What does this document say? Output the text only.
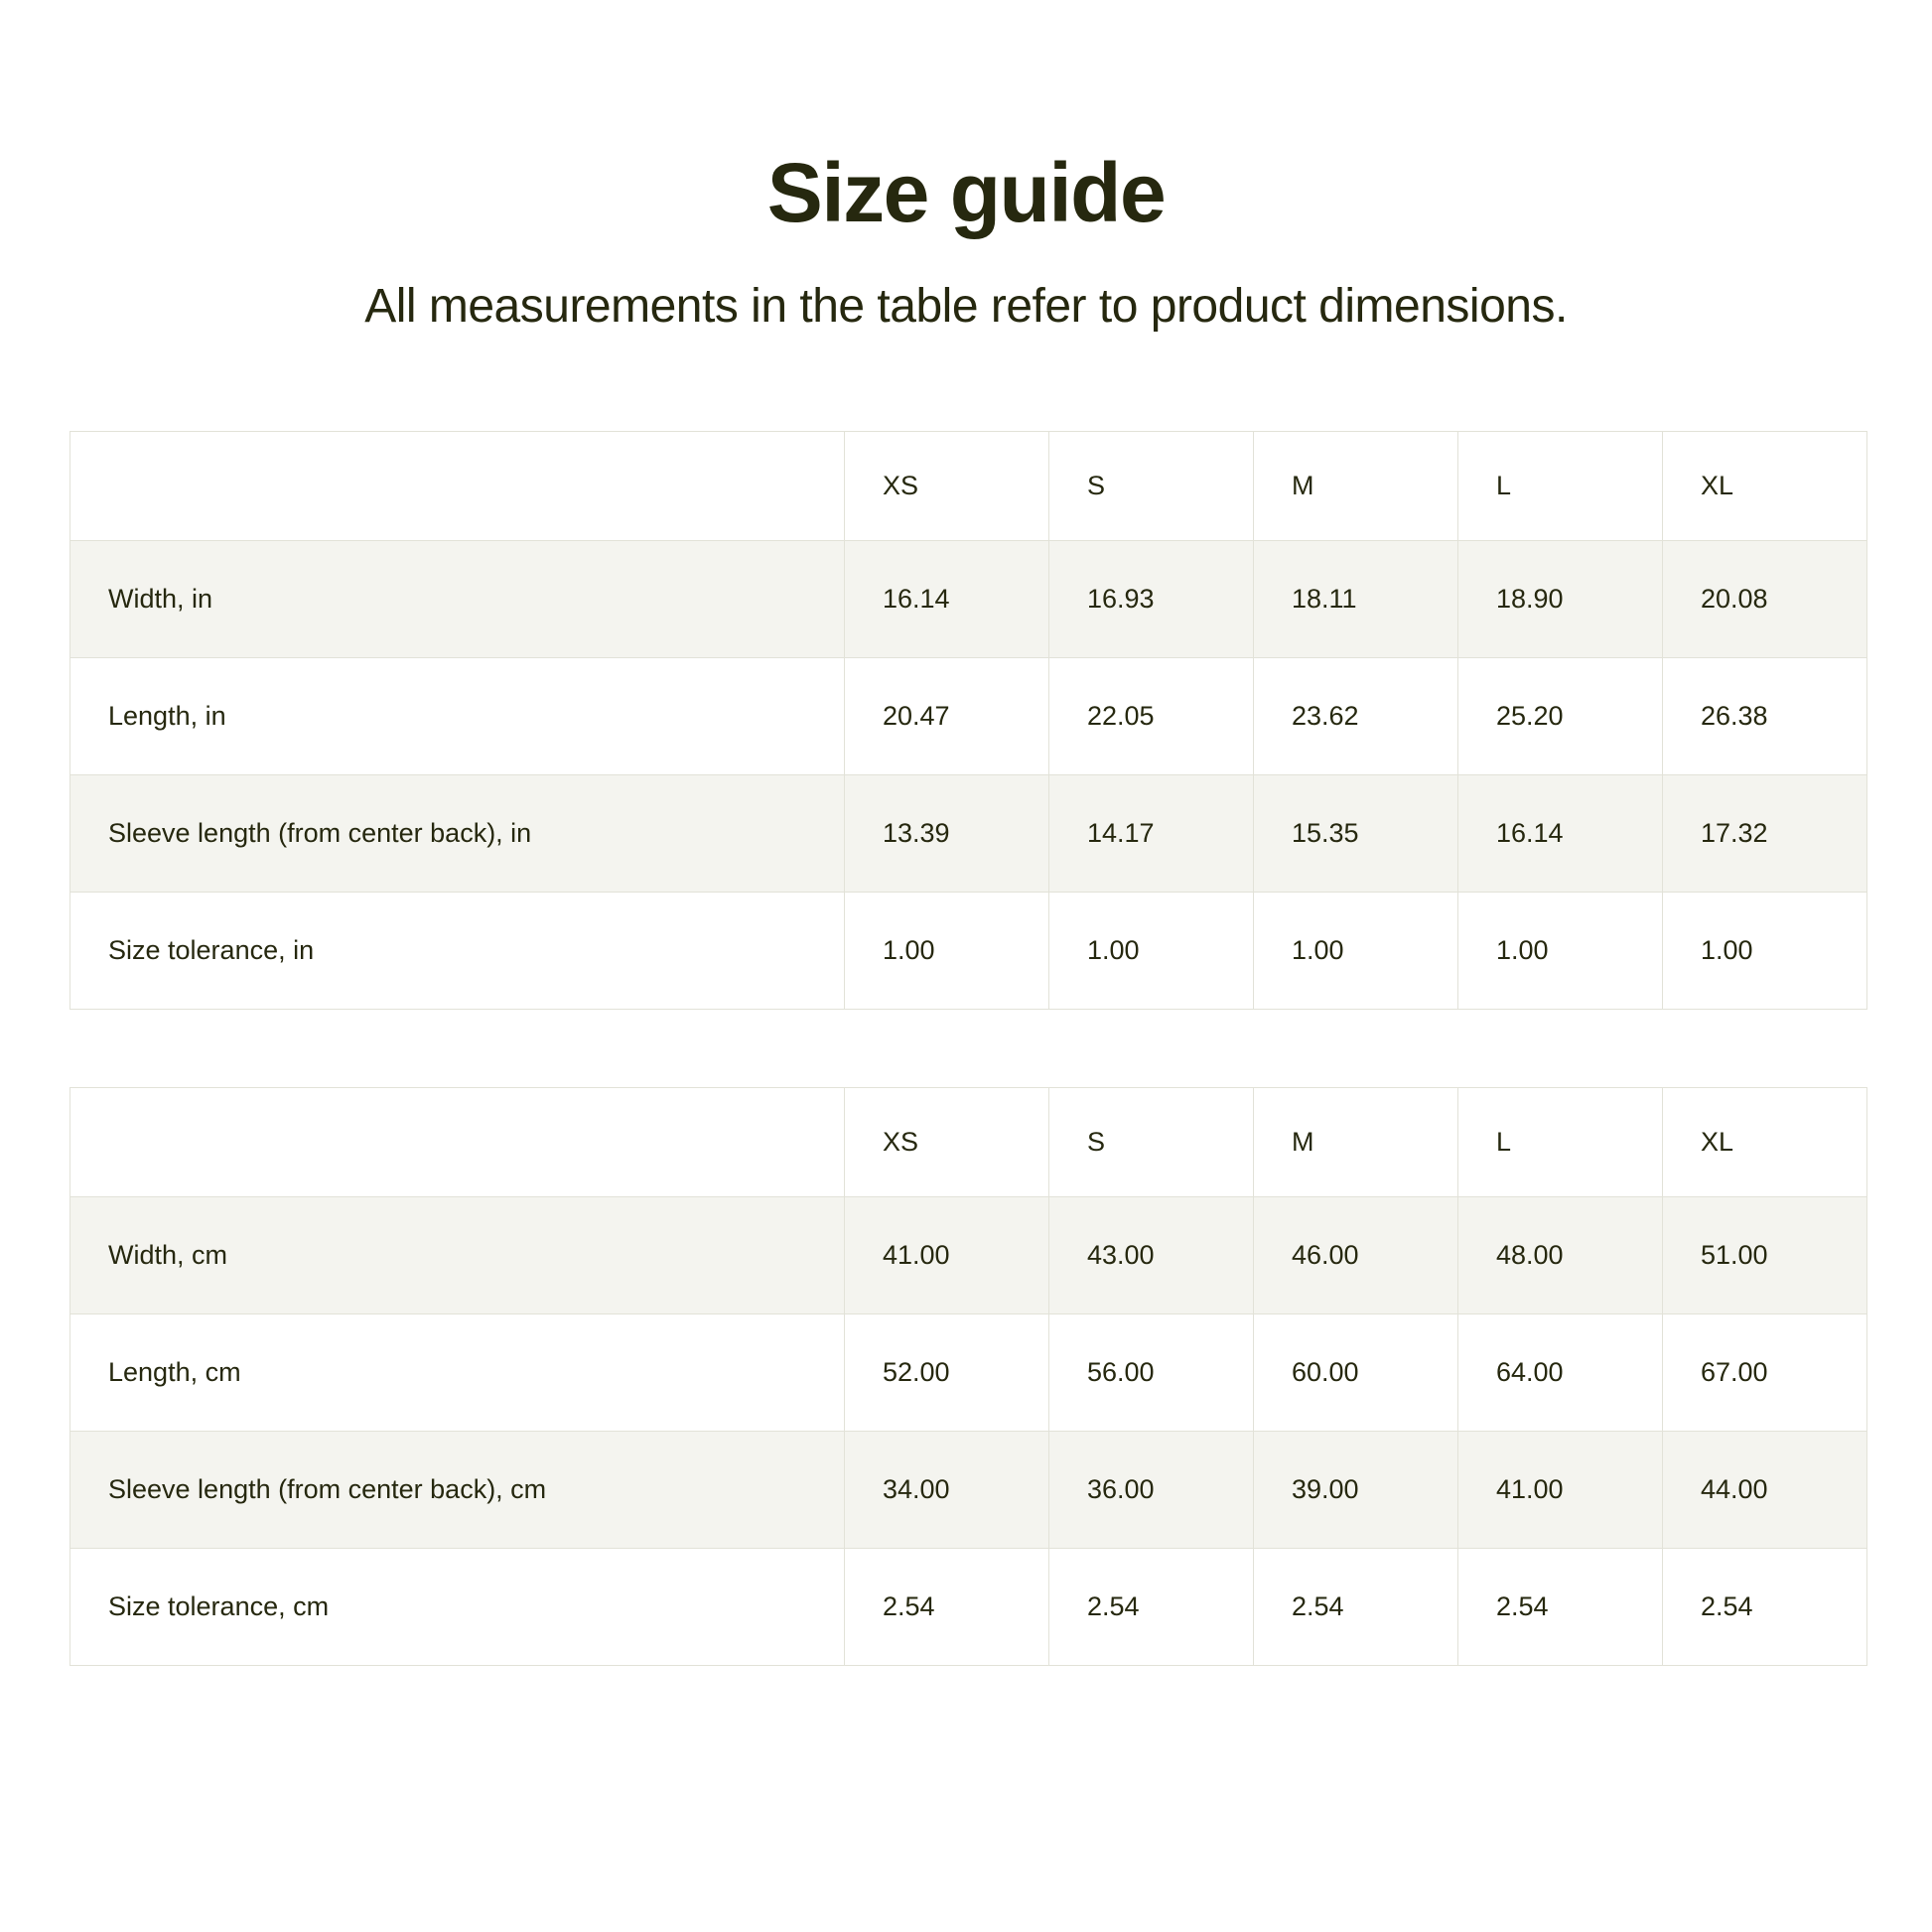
Size guide

All measurements in the table refer to product dimensions.

	XS	S	M	L	XL
Width, in	16.14	16.93	18.11	18.90	20.08
Length, in	20.47	22.05	23.62	25.20	26.38
Sleeve length (from center back), in	13.39	14.17	15.35	16.14	17.32
Size tolerance, in	1.00	1.00	1.00	1.00	1.00
	XS	S	M	L	XL
Width, cm	41.00	43.00	46.00	48.00	51.00
Length, cm	52.00	56.00	60.00	64.00	67.00
Sleeve length (from center back), cm	34.00	36.00	39.00	41.00	44.00
Size tolerance, cm	2.54	2.54	2.54	2.54	2.54
